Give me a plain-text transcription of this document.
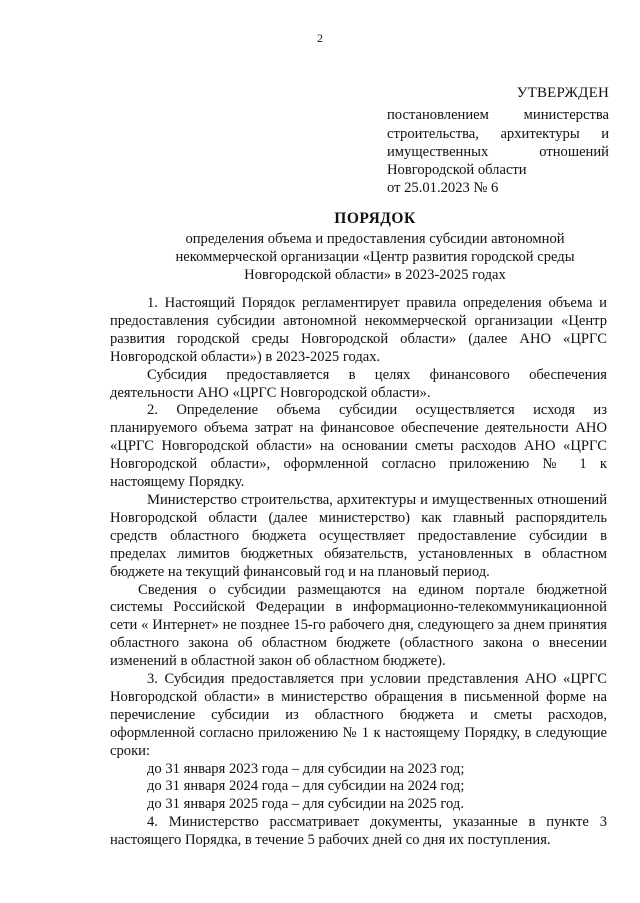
2
УТВЕРЖДЕН
постановлением министерства
строительства, архитектуры и
имущественных отношений
Новгородской области
от 25.01.2023 № 6
ПОРЯДОК
определения объема и предоставления субсидии автономной
некоммерческой организации «Центр развития городской среды
Новгородской области» в 2023-2025 годах

1. Настоящий Порядок регламентирует правила определения объема и предоставления субсидии автономной некоммерческой организации «Центр развития городской среды Новгородской области» (далее АНО «ЦРГС Новгородской области») в 2023-2025 годах.

Субсидия предоставляется в целях финансового обеспечения деятельности АНО «ЦРГС Новгородской области».

2. Определение объема субсидии осуществляется исходя из планируемого объема затрат на финансовое обеспечение деятельности АНО «ЦРГС Новгородской области» на основании сметы расходов АНО «ЦРГС Новгородской области», оформленной согласно приложению № 1 к настоящему Порядку.

Министерство строительства, архитектуры и имущественных отношений Новгородской области (далее министерство) как главный распорядитель средств областного бюджета осуществляет предоставление субсидии в пределах лимитов бюджетных обязательств, установленных в областном бюджете на текущий финансовый год и на плановый период.

Сведения о субсидии размещаются на едином портале бюджетной системы Российской Федерации в информационно-телекоммуникационной сети « Интернет» не позднее 15-го рабочего дня, следующего за днем принятия областного закона об областном бюджете (областного закона о внесении изменений в областной закон об областном бюджете).

3. Субсидия предоставляется при условии представления АНО «ЦРГС Новгородской области» в министерство обращения в письменной форме на перечисление субсидии из областного бюджета и сметы расходов, оформленной согласно приложению № 1 к настоящему Порядку, в следующие сроки:

до 31 января 2023 года – для субсидии на 2023 год;

до 31 января 2024 года – для субсидии на 2024 год;

до 31 января 2025 года – для субсидии на 2025 год.

4. Министерство рассматривает документы, указанные в пункте 3 настоящего Порядка, в течение 5 рабочих дней со дня их поступления.
